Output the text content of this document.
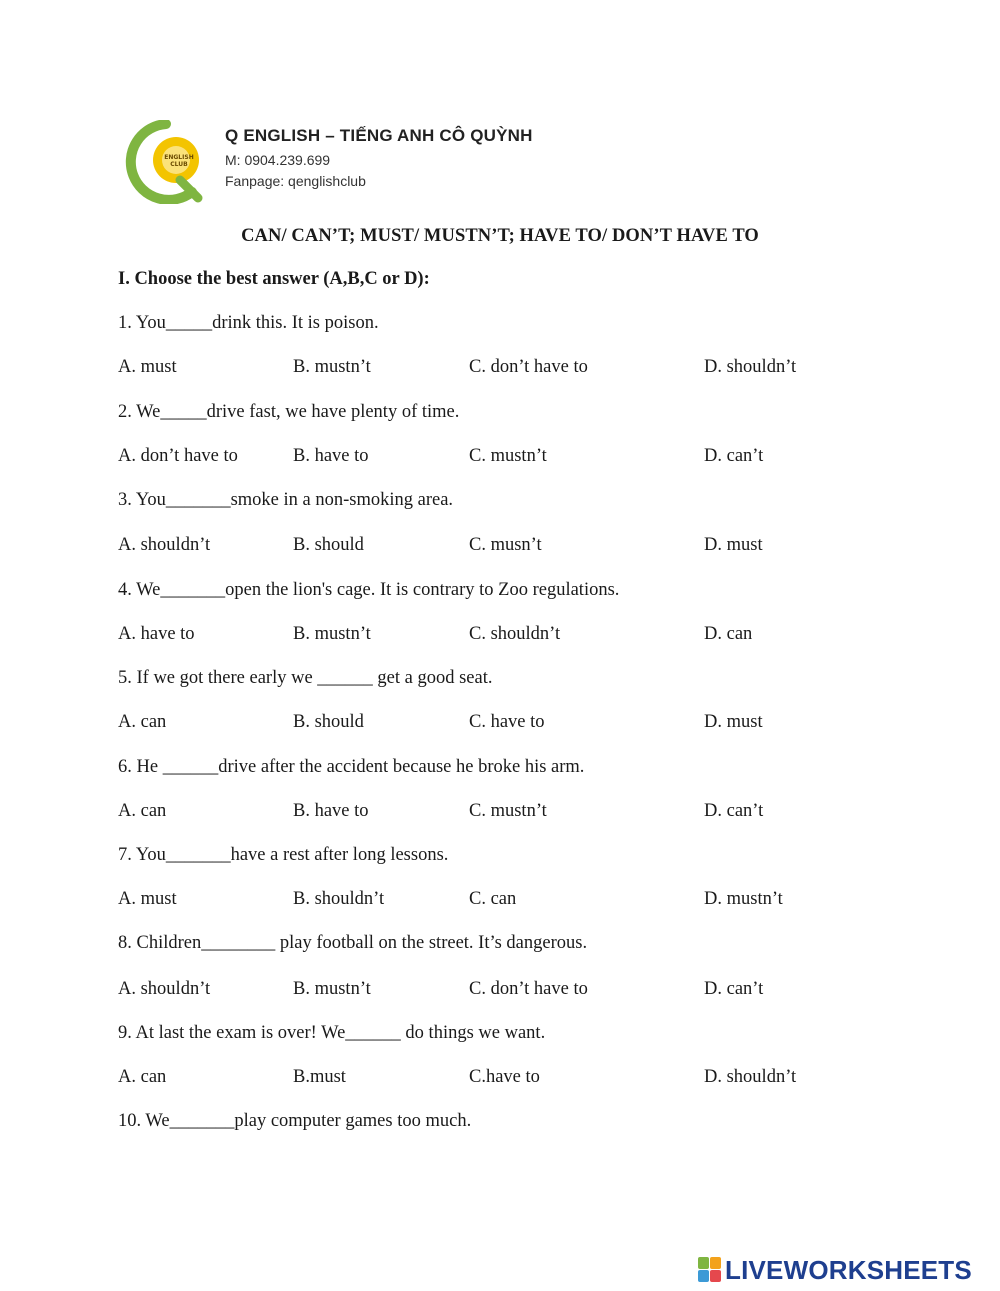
ENGLISH CLUB
Q ENGLISH – TIẾNG ANH CÔ QUỲNH
M: 0904.239.699
Fanpage: qenglishclub
CAN/ CAN’T; MUST/ MUSTN’T; HAVE TO/ DON’T HAVE TO
I. Choose the best answer (A,B,C or D):
1. You_____drink this. It is poison.
A. must	B. mustn’t	C. don’t have to	D. shouldn’t
2. We_____drive fast, we have plenty of time.
A. don’t have to	B. have to	C. mustn’t	D. can’t
3. You_______smoke in a non-smoking area.
A. shouldn’t	B. should	C. musn’t	D. must
4. We_______open the lion's cage. It is contrary to Zoo regulations.
A. have to	B. mustn’t	C. shouldn’t	D. can
5. If we got there early we ______ get a good seat.
A. can	B. should	C. have to	D. must
6. He ______drive after the accident because he broke his arm.
A. can	B. have to	C. mustn’t	D. can’t
7. You_______have a rest after long lessons.
A. must	B. shouldn’t	C. can	D. mustn’t
8. Children________ play football on the street. It’s dangerous.
A. shouldn’t	B. mustn’t	C. don’t have to	D. can’t
9. At last the exam is over! We______ do things we want.
A. can	B.must	C.have to	D. shouldn’t
10. We_______play computer games too much.
LIVEWORKSHEETS
